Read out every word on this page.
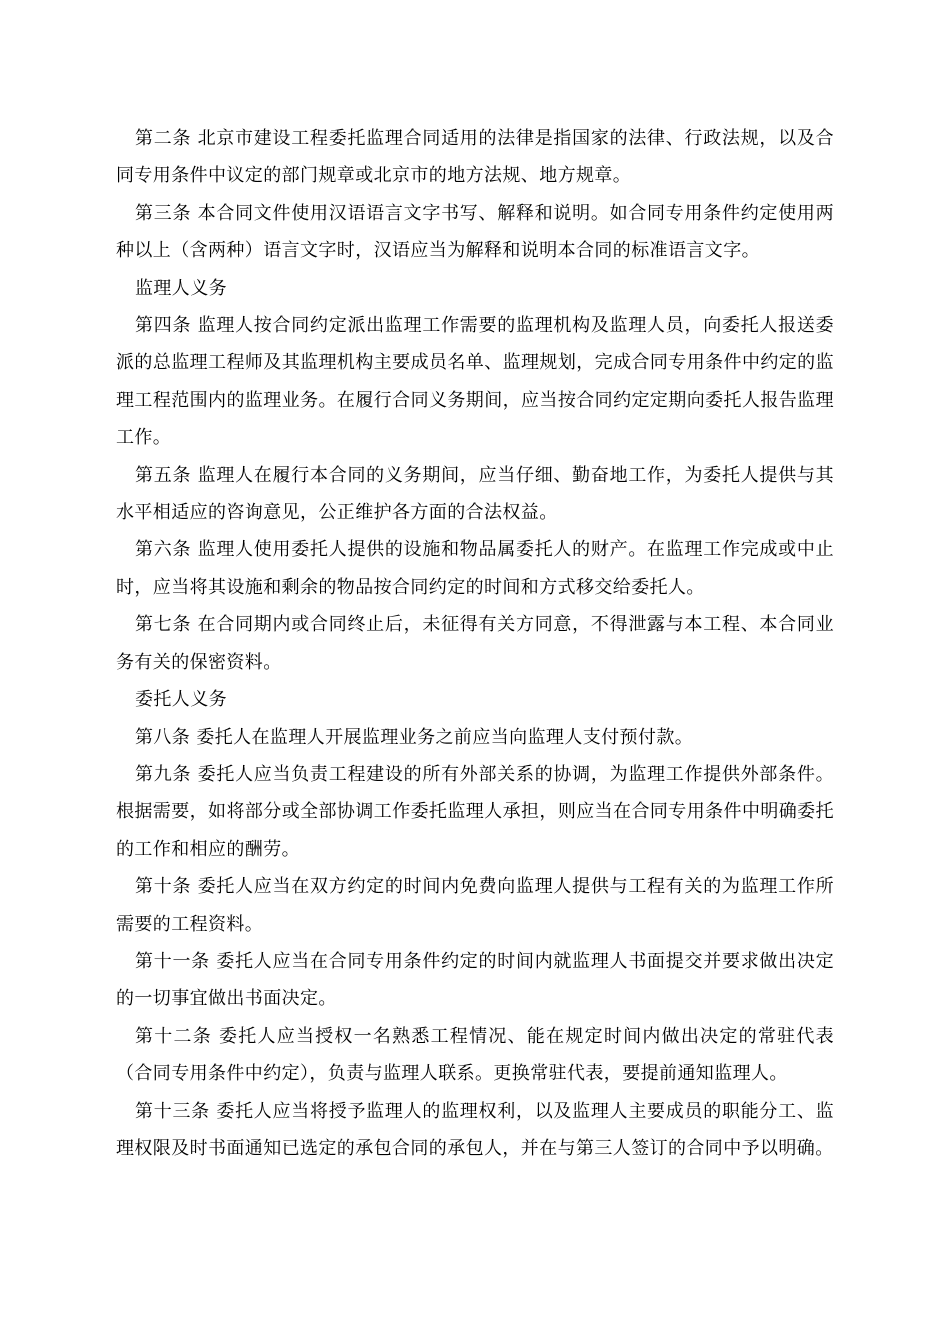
第二条 北京市建设工程委托监理合同适用的法律是指国家的法律、行政法规，以及合同专用条件中议定的部门规章或北京市的地方法规、地方规章。

第三条 本合同文件使用汉语语言文字书写、解释和说明。如合同专用条件约定使用两种以上（含两种）语言文字时，汉语应当为解释和说明本合同的标准语言文字。

监理人义务

第四条 监理人按合同约定派出监理工作需要的监理机构及监理人员，向委托人报送委派的总监理工程师及其监理机构主要成员名单、监理规划，完成合同专用条件中约定的监理工程范围内的监理业务。在履行合同义务期间，应当按合同约定定期向委托人报告监理工作。

第五条 监理人在履行本合同的义务期间，应当仔细、勤奋地工作，为委托人提供与其水平相适应的咨询意见，公正维护各方面的合法权益。

第六条 监理人使用委托人提供的设施和物品属委托人的财产。在监理工作完成或中止时，应当将其设施和剩余的物品按合同约定的时间和方式移交给委托人。

第七条 在合同期内或合同终止后，未征得有关方同意，不得泄露与本工程、本合同业务有关的保密资料。

委托人义务

第八条 委托人在监理人开展监理业务之前应当向监理人支付预付款。

第九条 委托人应当负责工程建设的所有外部关系的协调，为监理工作提供外部条件。根据需要，如将部分或全部协调工作委托监理人承担，则应当在合同专用条件中明确委托的工作和相应的酬劳。

第十条 委托人应当在双方约定的时间内免费向监理人提供与工程有关的为监理工作所需要的工程资料。

第十一条 委托人应当在合同专用条件约定的时间内就监理人书面提交并要求做出决定的一切事宜做出书面决定。

第十二条 委托人应当授权一名熟悉工程情况、能在规定时间内做出决定的常驻代表（合同专用条件中约定），负责与监理人联系。更换常驻代表，要提前通知监理人。

第十三条 委托人应当将授予监理人的监理权利，以及监理人主要成员的职能分工、监理权限及时书面通知已选定的承包合同的承包人，并在与第三人签订的合同中予以明确。
